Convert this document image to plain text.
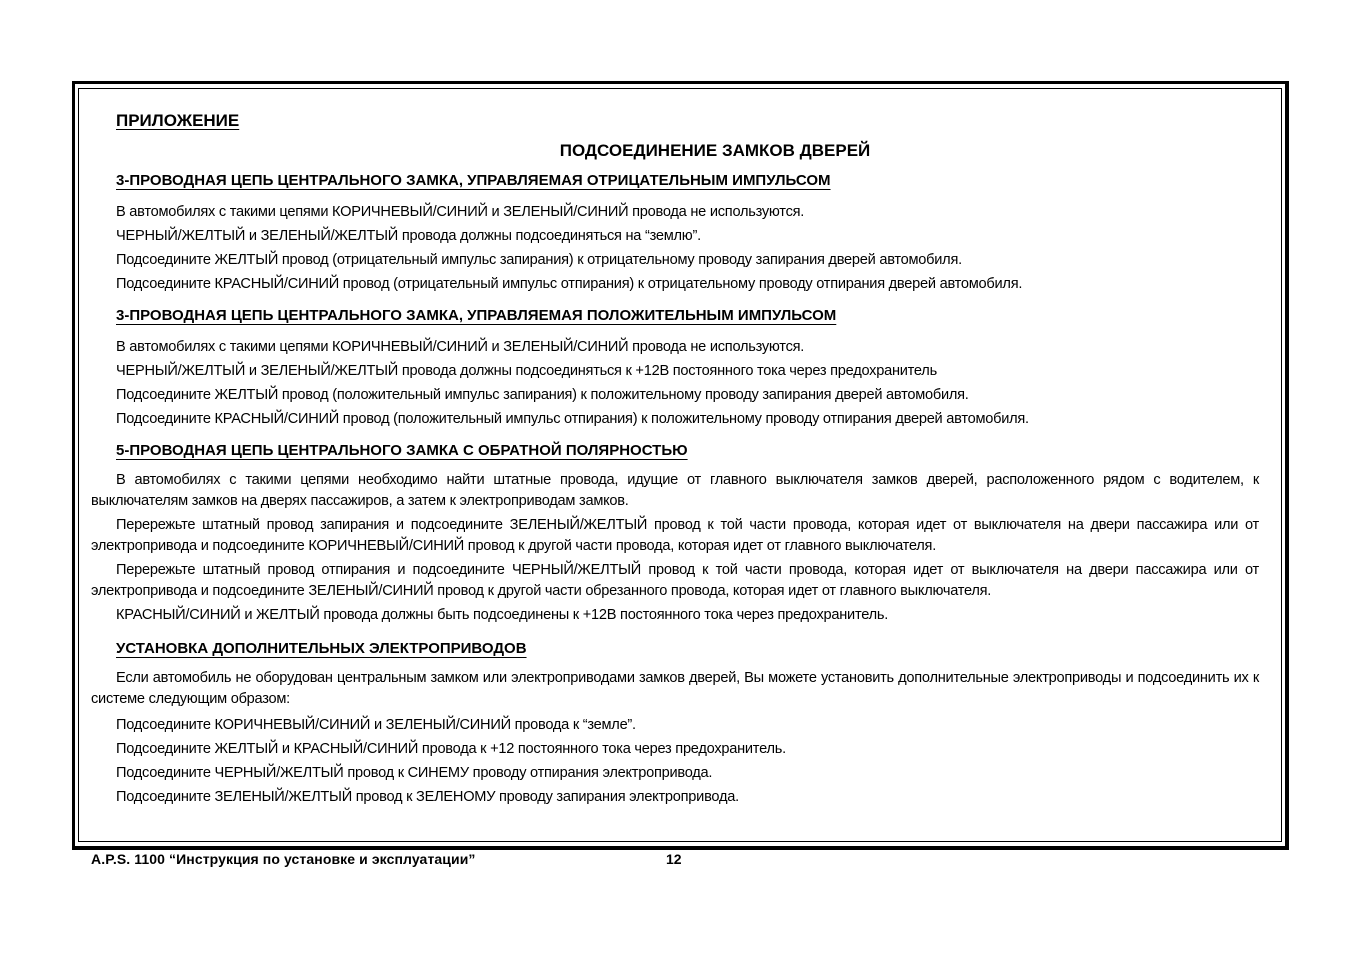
ПРИЛОЖЕНИЕ
ПОДСОЕДИНЕНИЕ ЗАМКОВ ДВЕРЕЙ
3-ПРОВОДНАЯ ЦЕПЬ ЦЕНТРАЛЬНОГО ЗАМКА, УПРАВЛЯЕМАЯ ОТРИЦАТЕЛЬНЫМ ИМПУЛЬСОМ
В автомобилях с такими цепями КОРИЧНЕВЫЙ/СИНИЙ и ЗЕЛЕНЫЙ/СИНИЙ провода не используются.
ЧЕРНЫЙ/ЖЕЛТЫЙ и ЗЕЛЕНЫЙ/ЖЕЛТЫЙ провода должны подсоединяться на “землю”.
Подсоедините ЖЕЛТЫЙ провод (отрицательный импульс запирания) к отрицательному проводу запирания дверей автомобиля.
Подсоедините КРАСНЫЙ/СИНИЙ провод (отрицательный импульс отпирания) к отрицательному проводу отпирания дверей автомобиля.
3-ПРОВОДНАЯ ЦЕПЬ ЦЕНТРАЛЬНОГО ЗАМКА, УПРАВЛЯЕМАЯ ПОЛОЖИТЕЛЬНЫМ ИМПУЛЬСОМ
В автомобилях с такими цепями КОРИЧНЕВЫЙ/СИНИЙ и ЗЕЛЕНЫЙ/СИНИЙ провода не используются.
ЧЕРНЫЙ/ЖЕЛТЫЙ и ЗЕЛЕНЫЙ/ЖЕЛТЫЙ провода должны подсоединяться к +12В постоянного тока через предохранитель
Подсоедините ЖЕЛТЫЙ провод (положительный импульс запирания) к положительному проводу запирания дверей автомобиля.
Подсоедините КРАСНЫЙ/СИНИЙ провод (положительный импульс отпирания) к положительному проводу отпирания дверей автомобиля.
5-ПРОВОДНАЯ ЦЕПЬ ЦЕНТРАЛЬНОГО ЗАМКА С ОБРАТНОЙ ПОЛЯРНОСТЬЮ
В автомобилях с такими цепями необходимо найти штатные провода, идущие от главного выключателя замков дверей, расположенного рядом с водителем, к выключателям замков на дверях пассажиров, а затем к электроприводам замков.
Перережьте штатный провод запирания и подсоедините ЗЕЛЕНЫЙ/ЖЕЛТЫЙ провод к той части провода, которая идет от выключателя на двери пассажира или от электропривода и подсоедините КОРИЧНЕВЫЙ/СИНИЙ провод к другой части провода, которая идет от главного выключателя.
Перережьте штатный провод отпирания и подсоедините ЧЕРНЫЙ/ЖЕЛТЫЙ провод к той части провода, которая идет от выключателя на двери пассажира или от электропривода и подсоедините ЗЕЛЕНЫЙ/СИНИЙ провод к другой части обрезанного провода, которая идет от главного выключателя.
КРАСНЫЙ/СИНИЙ и ЖЕЛТЫЙ провода должны быть подсоединены к +12В постоянного тока через предохранитель.
УСТАНОВКА ДОПОЛНИТЕЛЬНЫХ ЭЛЕКТРОПРИВОДОВ
Если автомобиль не оборудован центральным замком или электроприводами замков дверей, Вы можете установить дополнительные электроприводы и подсоединить их к системе следующим образом:
Подсоедините КОРИЧНЕВЫЙ/СИНИЙ и ЗЕЛЕНЫЙ/СИНИЙ провода к “земле”.
Подсоедините ЖЕЛТЫЙ и КРАСНЫЙ/СИНИЙ провода к +12 постоянного тока через предохранитель.
Подсоедините ЧЕРНЫЙ/ЖЕЛТЫЙ провод к СИНЕМУ проводу отпирания электропривода.
Подсоедините ЗЕЛЕНЫЙ/ЖЕЛТЫЙ провод к ЗЕЛЕНОМУ проводу запирания электропривода.
A.P.S. 1100 “Инструкция по установке и эксплуатации”	12
